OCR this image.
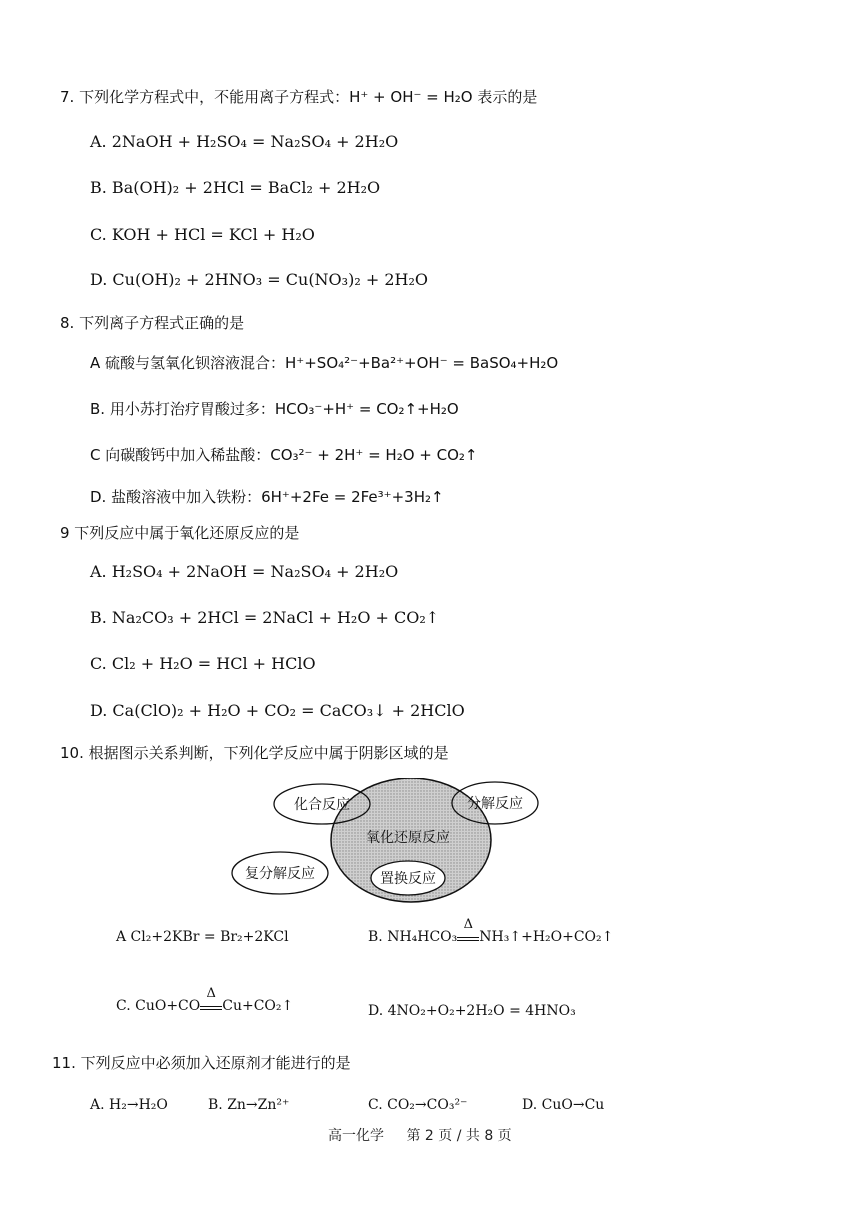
7. 下列化学方程式中，不能用离子方程式：H⁺ + OH⁻ = H₂O 表示的是
A. 2NaOH + H₂SO₄ = Na₂SO₄ + 2H₂O
B. Ba(OH)₂ + 2HCl = BaCl₂ + 2H₂O
C. KOH + HCl = KCl + H₂O
D. Cu(OH)₂ + 2HNO₃ = Cu(NO₃)₂ + 2H₂O
8. 下列离子方程式正确的是
A 硫酸与氢氧化钡溶液混合：H⁺+SO₄²⁻+Ba²⁺+OH⁻ = BaSO₄+H₂O
B. 用小苏打治疗胃酸过多：HCO₃⁻+H⁺ = CO₂↑+H₂O
C 向碳酸钙中加入稀盐酸：CO₃²⁻ + 2H⁺ = H₂O + CO₂↑
D. 盐酸溶液中加入铁粉：6H⁺+2Fe = 2Fe³⁺+3H₂↑
9 下列反应中属于氧化还原反应的是
A. H₂SO₄ + 2NaOH = Na₂SO₄ + 2H₂O
B. Na₂CO₃ + 2HCl = 2NaCl + H₂O + CO₂↑
C. Cl₂ + H₂O = HCl + HClO
D. Ca(ClO)₂ + H₂O + CO₂ = CaCO₃↓ + 2HClO
10. 根据图示关系判断，下列化学反应中属于阴影区域的是
化合反应	分解反应
氧化还原反应
复分解反应	置换反应
A Cl₂+2KBr = Br₂+2KCl	B. NH₄HCO₃
Δ
NH₃↑+H₂O+CO₂↑
C. CuO+CO
Δ
Cu+CO₂↑	D. 4NO₂+O₂+2H₂O = 4HNO₃
11. 下列反应中必须加入还原剂才能进行的是
A. H₂→H₂O	B. Zn→Zn²⁺	C. CO₂→CO₃²⁻	D. CuO→Cu
高一化学 第 2 页 / 共 8 页
